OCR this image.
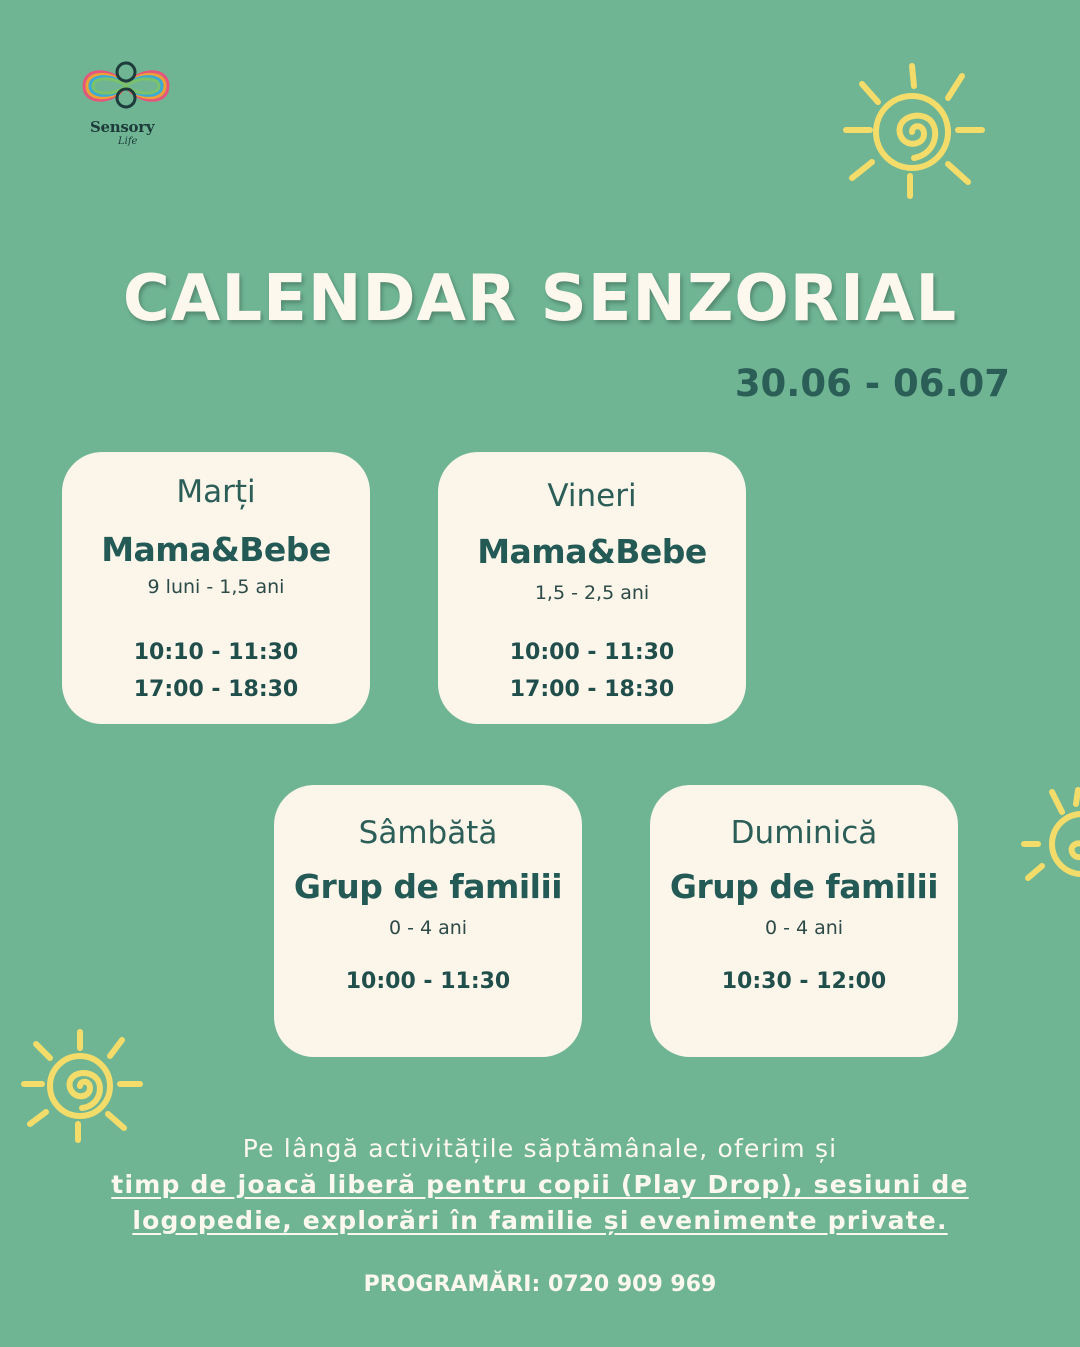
Sensory
Life
CALENDAR SENZORIAL
30.06 - 06.07
Marți
Mama&Bebe
9 luni - 1,5 ani
10:10 - 11:30
17:00 - 18:30
Vineri
Mama&Bebe
1,5 - 2,5 ani
10:00 - 11:30
17:00 - 18:30
Sâmbătă
Grup de familii
0 - 4 ani
10:00 - 11:30
Duminică
Grup de familii
0 - 4 ani
10:30 - 12:00
Pe lângă activitățile săptămânale, oferim și
timp de joacă liberă pentru copii (Play Drop), sesiuni de
logopedie, explorări în familie și evenimente private.
PROGRAMĂRI: 0720 909 969
